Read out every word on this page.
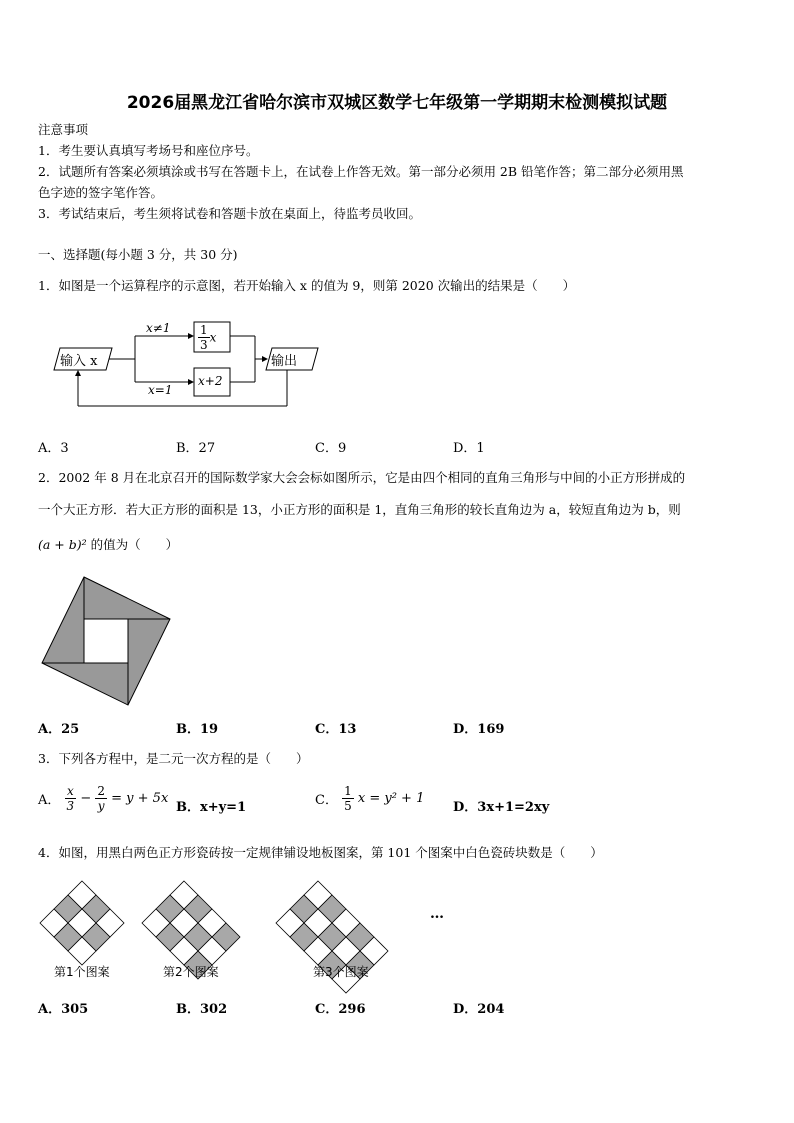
2026届黑龙江省哈尔滨市双城区数学七年级第一学期期末检测模拟试题
注意事项
1．考生要认真填写考场号和座位序号。
2．试题所有答案必须填涂或书写在答题卡上，在试卷上作答无效。第一部分必须用 2B 铅笔作答；第二部分必须用黑
色字迹的签字笔作答。
3．考试结束后，考生须将试卷和答题卡放在桌面上，待监考员收回。
一、选择题(每小题 3 分，共 30 分)
1．如图是一个运算程序的示意图，若开始输入 x 的值为 9，则第 2020 次输出的结果是（　　）
输入 x	输出
x≠1
x=1
$\frac{1}{3}$ x
x+2
A．3	B．27	C．9	D．1
2．2002 年 8 月在北京召开的国际数学家大会会标如图所示，它是由四个相同的直角三角形与中间的小正方形拼成的
一个大正方形．若大正方形的面积是 13，小正方形的面积是 1，直角三角形的较长直角边为 a，较短直角边为 b，则
(a + b)² 的值为（　　）
A．25	B．19	C．13	D．169
3．下列各方程中，是二元一次方程的是（　　）
A． $\frac{x}{3} - \frac{2}{y} = y + 5x$
B．x+y=1	C． $\frac{1}{5}$ x = y² + 1
D．3x+1=2xy
4．如图，用黑白两色正方形瓷砖按一定规律铺设地板图案，第 101 个图案中白色瓷砖块数是（　　）
第1个图案	第2个图案	第3个图案
…
A．305	B．302	C．296	D．204
